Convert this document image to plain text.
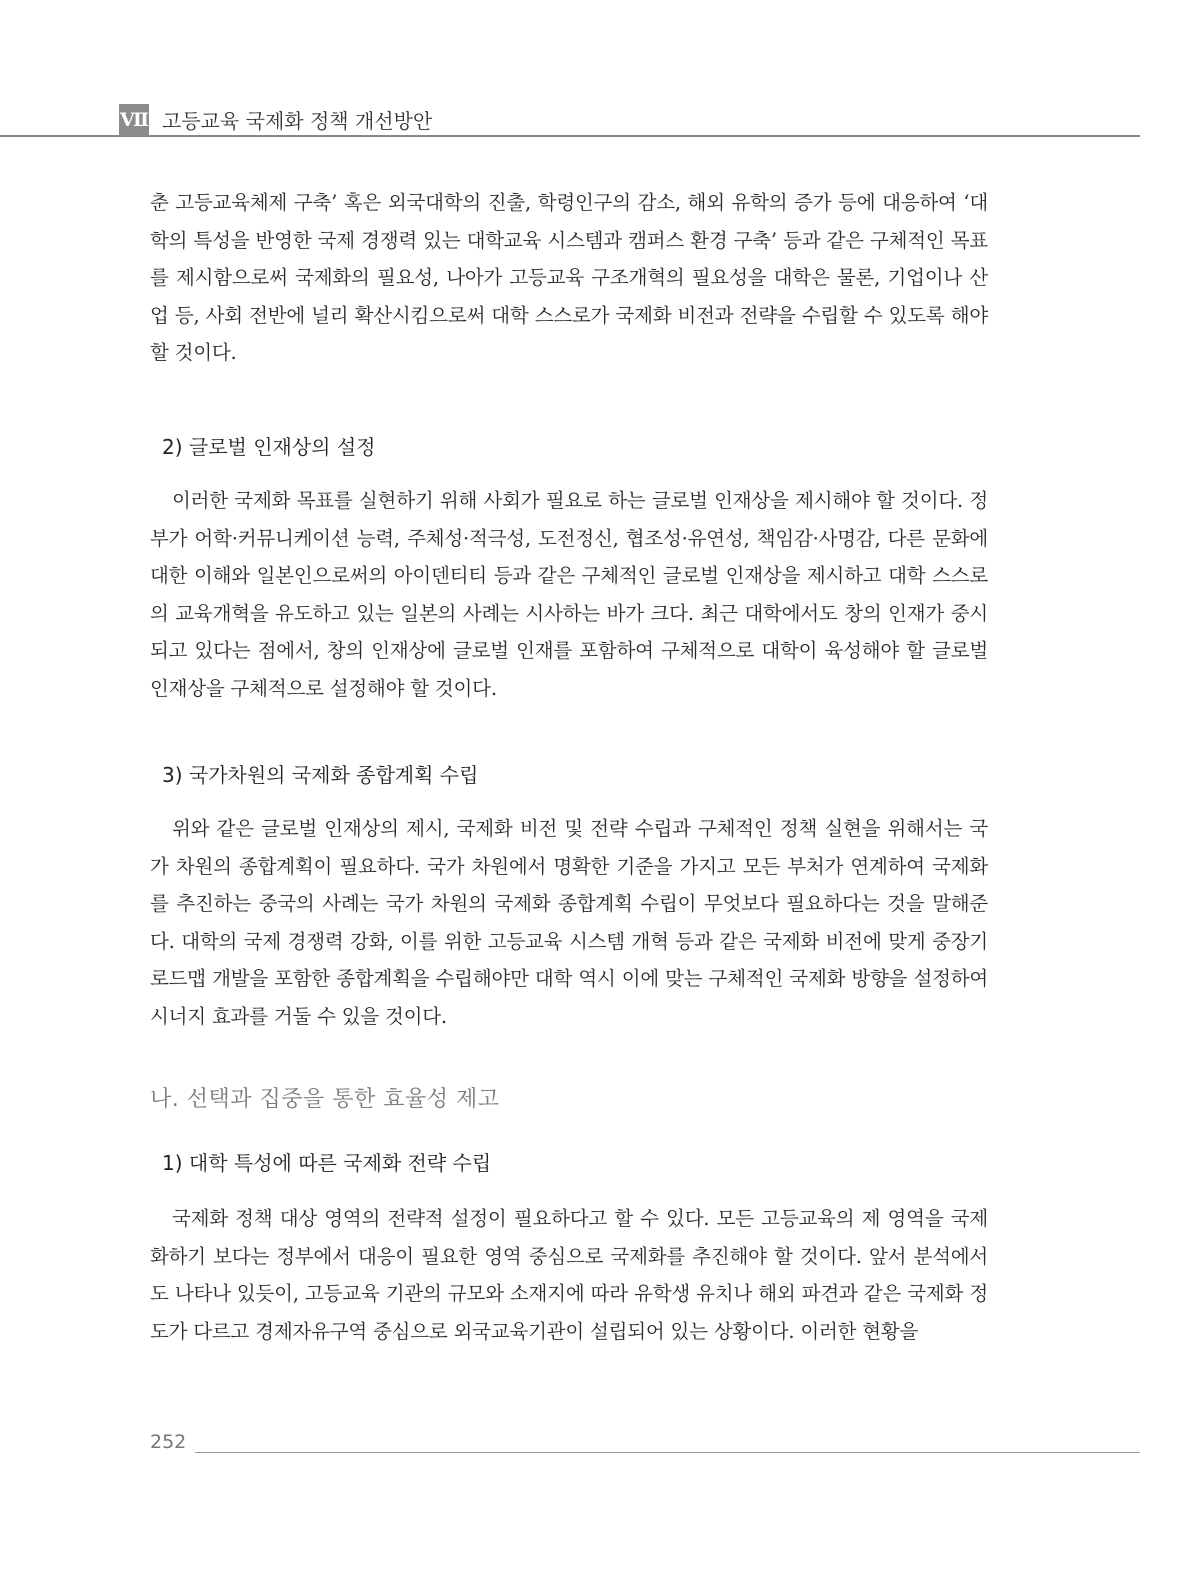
Ⅶ 고등교육 국제화 정책 개선방안

춘 고등교육체제 구축’ 혹은 외국대학의 진출, 학령인구의 감소, 해외 유학의 증가 등에 대응하여 ‘대학의 특성을 반영한 국제 경쟁력 있는 대학교육 시스템과 캠퍼스 환경 구축’ 등과 같은 구체적인 목표를 제시함으로써 국제화의 필요성, 나아가 고등교육 구조개혁의 필요성을 대학은 물론, 기업이나 산업 등, 사회 전반에 널리 확산시킴으로써 대학 스스로가 국제화 비전과 전략을 수립할 수 있도록 해야 할 것이다.

2) 글로벌 인재상의 설정

이러한 국제화 목표를 실현하기 위해 사회가 필요로 하는 글로벌 인재상을 제시해야 할 것이다. 정부가 어학·커뮤니케이션 능력, 주체성·적극성, 도전정신, 협조성·유연성, 책임감·사명감, 다른 문화에 대한 이해와 일본인으로써의 아이덴티티 등과 같은 구체적인 글로벌 인재상을 제시하고 대학 스스로의 교육개혁을 유도하고 있는 일본의 사례는 시사하는 바가 크다. 최근 대학에서도 창의 인재가 중시되고 있다는 점에서, 창의 인재상에 글로벌 인재를 포함하여 구체적으로 대학이 육성해야 할 글로벌 인재상을 구체적으로 설정해야 할 것이다.

3) 국가차원의 국제화 종합계획 수립

위와 같은 글로벌 인재상의 제시, 국제화 비전 및 전략 수립과 구체적인 정책 실현을 위해서는 국가 차원의 종합계획이 필요하다. 국가 차원에서 명확한 기준을 가지고 모든 부처가 연계하여 국제화를 추진하는 중국의 사례는 국가 차원의 국제화 종합계획 수립이 무엇보다 필요하다는 것을 말해준다. 대학의 국제 경쟁력 강화, 이를 위한 고등교육 시스템 개혁 등과 같은 국제화 비전에 맞게 중장기 로드맵 개발을 포함한 종합계획을 수립해야만 대학 역시 이에 맞는 구체적인 국제화 방향을 설정하여 시너지 효과를 거둘 수 있을 것이다.

나. 선택과 집중을 통한 효율성 제고
1) 대학 특성에 따른 국제화 전략 수립

국제화 정책 대상 영역의 전략적 설정이 필요하다고 할 수 있다. 모든 고등교육의 제 영역을 국제화하기 보다는 정부에서 대응이 필요한 영역 중심으로 국제화를 추진해야 할 것이다. 앞서 분석에서도 나타나 있듯이, 고등교육 기관의 규모와 소재지에 따라 유학생 유치나 해외 파견과 같은 국제화 정도가 다르고 경제자유구역 중심으로 외국교육기관이 설립되어 있는 상황이다. 이러한 현황을

252
